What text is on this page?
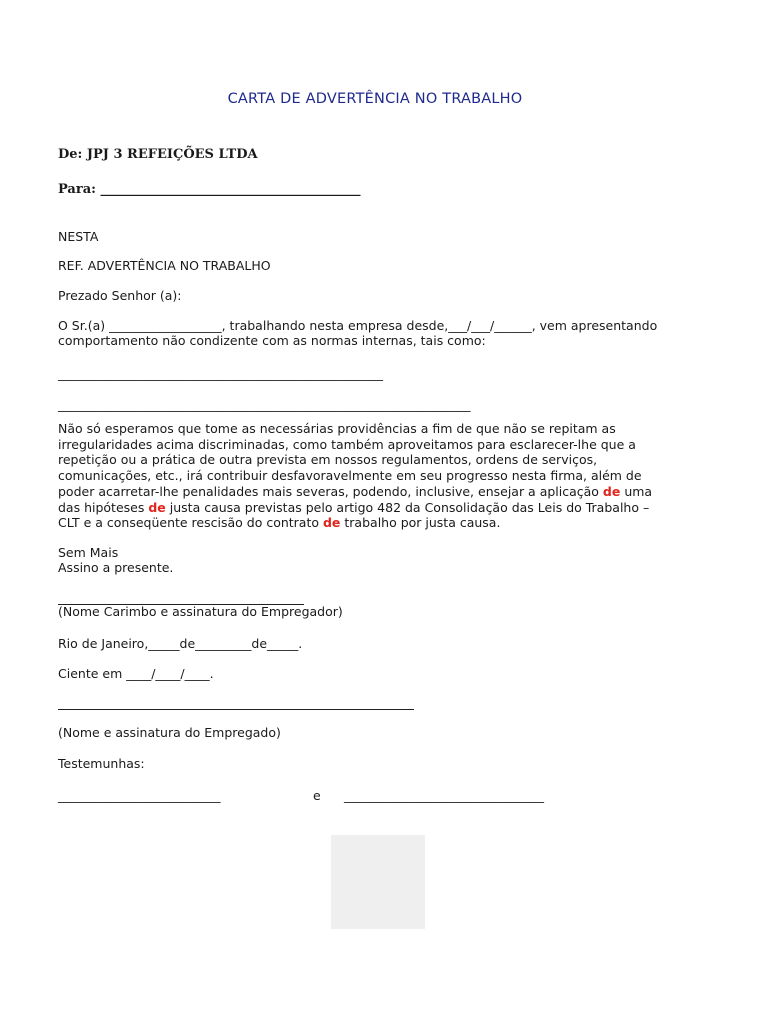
CARTA DE ADVERTÊNCIA NO TRABALHO
De: JPJ 3 REFEIÇÕES LTDA
Para: ________________________________________
NESTA
REF. ADVERTÊNCIA NO TRABALHO
Prezado Senhor (a):
O Sr.(a) __________________, trabalhando nesta empresa desde,___/___/______, vem apresentando
comportamento não condizente com as normas internas, tais como:
____________________________________________________
__________________________________________________________________
Não só esperamos que tome as necessárias providências a fim de que não se repitam as
irregularidades acima discriminadas, como também aproveitamos para esclarecer-lhe que a
repetição ou a prática de outra prevista em nossos regulamentos, ordens de serviços,
comunicações, etc., irá contribuir desfavoravelmente em seu progresso nesta firma, além de
poder acarretar-lhe penalidades mais severas, podendo, inclusive, ensejar a aplicação de uma
das hipóteses de justa causa previstas pelo artigo 482 da Consolidação das Leis do Trabalho –
CLT e a conseqüente rescisão do contrato de trabalho por justa causa.
Sem Mais
Assino a presente.
(Nome Carimbo e assinatura do Empregador)
Rio de Janeiro,_____de_________de_____.
Ciente em ____/____/____.
(Nome e assinatura do Empregado)
Testemunhas:
__________________________	e ________________________________
